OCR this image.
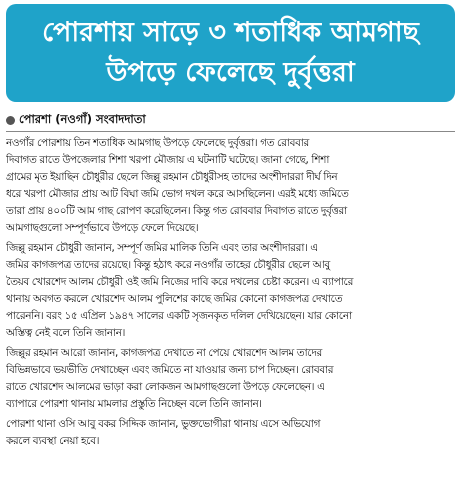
পোরশায় সাড়ে ৩ শতাধিক আমগাছ
উপড়ে ফেলেছে দুর্বৃত্তরা
পোরশা (নওগাঁ) সংবাদদাতা
নওগাঁর পোরশায় তিন শতাধিক আমগাছ উপড়ে ফেলেছে দুর্বৃত্তরা। গত রোববার
দিবাগত রাতে উপজেলার শিশা খরপা মৌজায় এ ঘটনাটি ঘটেছে। জানা গেছে, শিশা
গ্রামের মৃত ইয়াছিন চৌধুরীর ছেলে জিল্লু রহমান চৌধুরীসহ তাদের অংশীদাররা দীর্ঘ দিন
ধরে খরপা মৌজার প্রায় আট বিঘা জমি ভোগ দখল করে আসছিলেন। এরই মধ্যে জমিতে
তারা প্রায় ৪০০টি আম গাছ রোপণ করেছিলেন। কিন্তু গত রোববার দিবাগত রাতে দুর্বৃত্তরা
আমগাছগুলো সম্পূর্ণভাবে উপড়ে ফেলে দিয়েছে।
জিল্লু রহমান চৌধুরী জানান, সম্পূর্ণ জমির মালিক তিনি এবং তার অংশীদাররা। এ
জমির কাগজপত্র তাদের রয়েছে। কিন্তু হঠাৎ করে নওগাঁর তাহের চৌধুরীর ছেলে আবু
তৈয়ব খোরশেদ আলম চৌধুরী ওই জমি নিজের দাবি করে দখলের চেষ্টা করেন। এ ব্যাপারে
থানায় অবগত করলে খোরশেদ আলম পুলিশের কাছে জমির কোনো কাগজপত্র দেখাতে
পারেননি। বরং ১৫ এপ্রিল ১৯৪৭ সালের একটি সৃজনকৃত দলিল দেখিয়েছেন। যার কোনো
অস্তিত্ব নেই বলে তিনি জানান।
জিল্লুর রহমান আরো জানান, কাগজপত্র দেখাতে না পেয়ে খোরশেদ আলম তাদের
বিভিন্নভাবে ভয়ভীতি দেখাচ্ছেন এবং জমিতে না যাওয়ার জন্য চাপ দিচ্ছেন। রোববার
রাতে খোরশেদ আলমের ভাড়া করা লোকজন আমগাছগুলো উপড়ে ফেলেছেন। এ
ব্যাপারে পোরশা থানায় মামলার প্রস্তুতি নিচ্ছেন বলে তিনি জানান।
পোরশা থানা ওসি আবু বকর সিদ্দিক জানান, ভুক্তভোগীরা থানায় এসে অভিযোগ
করলে ব্যবস্থা নেয়া হবে।
